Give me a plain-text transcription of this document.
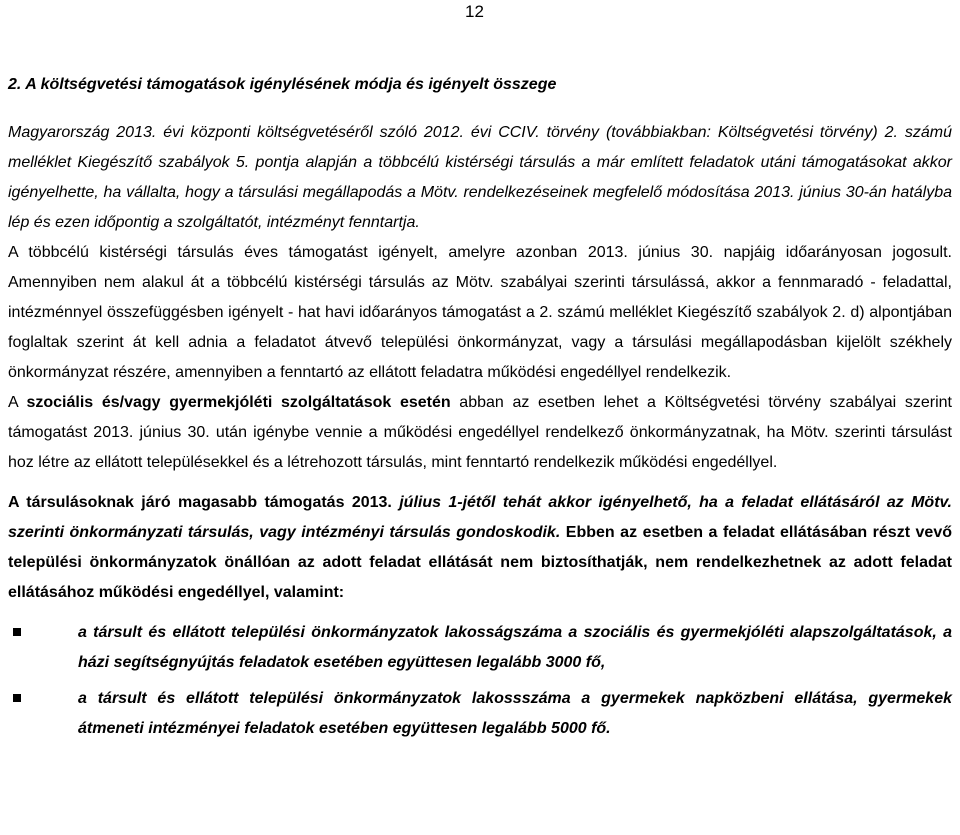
12
2. A költségvetési támogatások igénylésének módja és igényelt összege

Magyarország 2013. évi központi költségvetéséről szóló 2012. évi CCIV. törvény (továbbiakban: Költségvetési törvény) 2. számú melléklet Kiegészítő szabályok 5. pontja alapján a többcélú kistérségi társulás a már említett feladatok utáni támogatásokat akkor igényelhette, ha vállalta, hogy a társulási megállapodás a Mötv. rendelkezéseinek megfelelő módosítása 2013. június 30-án hatályba lép és ezen időpontig a szolgáltatót, intézményt fenntartja.

A többcélú kistérségi társulás éves támogatást igényelt, amelyre azonban 2013. június 30. napjáig időarányosan jogosult. Amennyiben nem alakul át a többcélú kistérségi társulás az Mötv. szabályai szerinti társulássá, akkor a fennmaradó - feladattal, intézménnyel összefüggésben igényelt - hat havi időarányos támogatást a 2. számú melléklet Kiegészítő szabályok 2. d) alpontjában foglaltak szerint át kell adnia a feladatot átvevő települési önkormányzat, vagy a társulási megállapodásban kijelölt székhely önkormányzat részére, amennyiben a fenntartó az ellátott feladatra működési engedéllyel rendelkezik.

A szociális és/vagy gyermekjóléti szolgáltatások esetén abban az esetben lehet a Költségvetési törvény szabályai szerint támogatást 2013. június 30. után igénybe vennie a működési engedéllyel rendelkező önkormányzatnak, ha Mötv. szerinti társulást hoz létre az ellátott településekkel és a létrehozott társulás, mint fenntartó rendelkezik működési engedéllyel.

A társulásoknak járó magasabb támogatás 2013. július 1-jétől tehát akkor igényelhető, ha a feladat ellátásáról az Mötv. szerinti önkormányzati társulás, vagy intézményi társulás gondoskodik. Ebben az esetben a feladat ellátásában részt vevő települési önkormányzatok önállóan az adott feladat ellátását nem biztosíthatják, nem rendelkezhetnek az adott feladat ellátásához működési engedéllyel, valamint:

a társult és ellátott települési önkormányzatok lakosságszáma a szociális és gyermekjóléti alapszolgáltatások, a házi segítségnyújtás feladatok esetében együttesen legalább 3000 fő,
a társult és ellátott települési önkormányzatok lakossszáma a gyermekek napközbeni ellátása, gyermekek átmeneti intézményei feladatok esetében együttesen legalább 5000 fő.
